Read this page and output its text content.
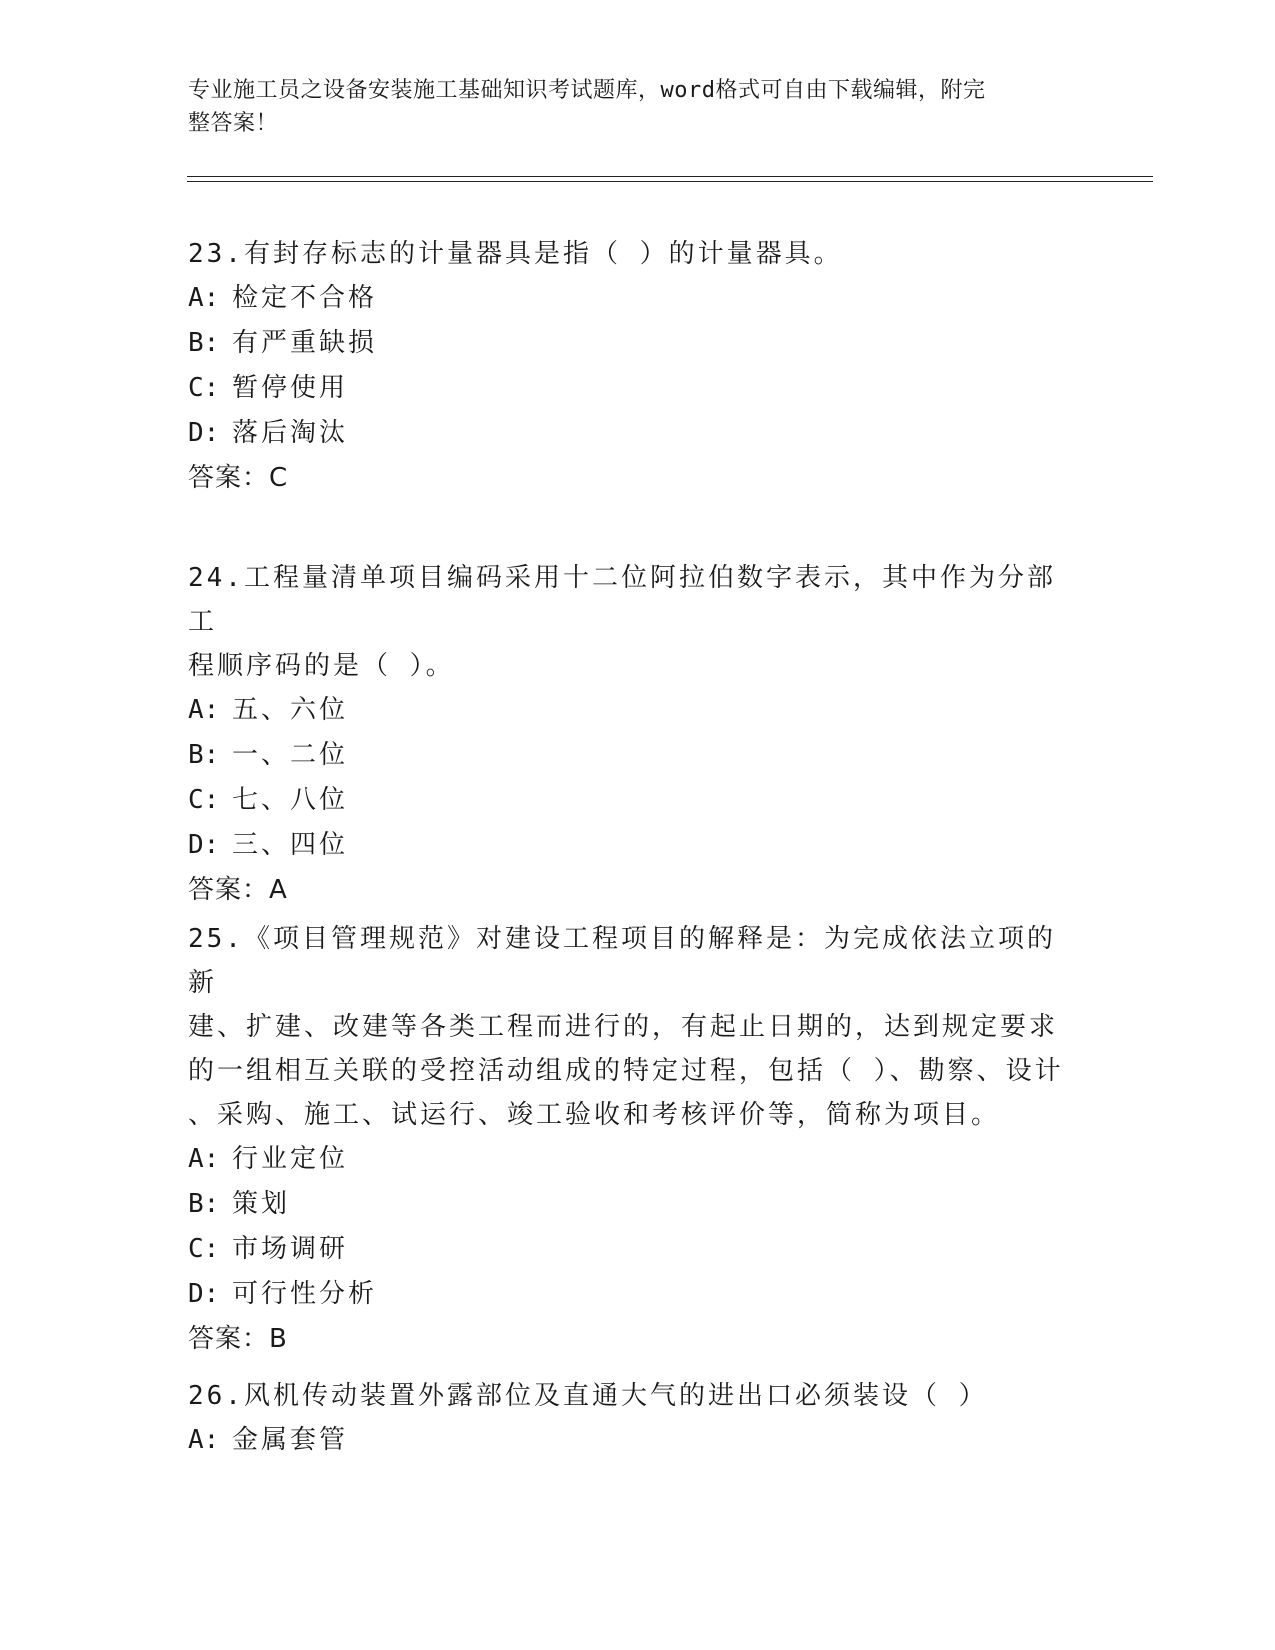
专业施工员之设备安装施工基础知识考试题库，word格式可自由下载编辑，附完
整答案！

23.有封存标志的计量器具是指（ ）的计量器具。

A: 检定不合格

B: 有严重缺损

C: 暂停使用

D: 落后淘汰

答案：C

24.工程量清单项目编码采用十二位阿拉伯数字表示，其中作为分部工

程顺序码的是（ ）。

A: 五、六位

B: 一、二位

C: 七、八位

D: 三、四位

答案：A

25.《项目管理规范》对建设工程项目的解释是：为完成依法立项的新

建、扩建、改建等各类工程而进行的，有起止日期的，达到规定要求

的一组相互关联的受控活动组成的特定过程，包括（ ）、勘察、设计

、采购、施工、试运行、竣工验收和考核评价等，简称为项目。

A: 行业定位

B: 策划

C: 市场调研

D: 可行性分析

答案：B

26.风机传动装置外露部位及直通大气的进出口必须装设（ ）

A: 金属套管
